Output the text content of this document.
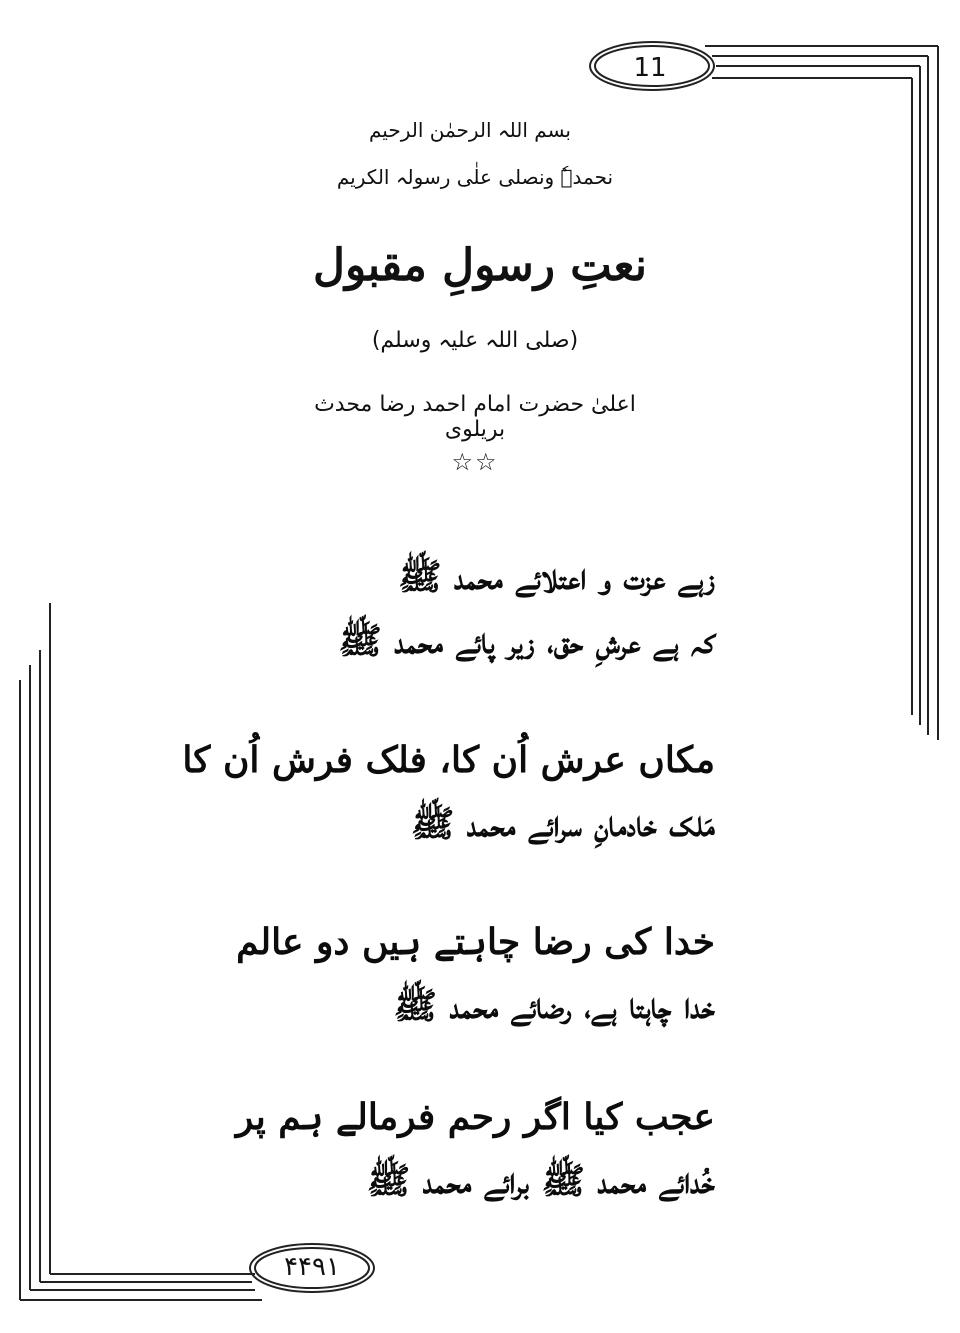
11
۴۴۹۱
بسم اللہ الرحمٰن الرحیم
نحمدہٗ ونصلی علٰی رسولہ الکریم
نعتِ رسولِ مقبول
(صلی اللہ علیہ وسلم)
اعلیٰ حضرت امام احمد رضا محدث بریلوی
☆☆
زہے عزت و اعتلائے محمد ﷺ
کہ ہے عرشِ حق، زیر پائے محمد ﷺ
مکاں عرش اُن کا، فلک فرش اُن کا
مَلک خادمانِ سرائے محمد ﷺ
خدا کی رضا چاہتے ہیں دو عالم
خدا چاہتا ہے، رضائے محمد ﷺ
عجب کیا اگر رحم فرمالے ہم پر
خُدائے محمد ﷺ برائے محمد ﷺ
